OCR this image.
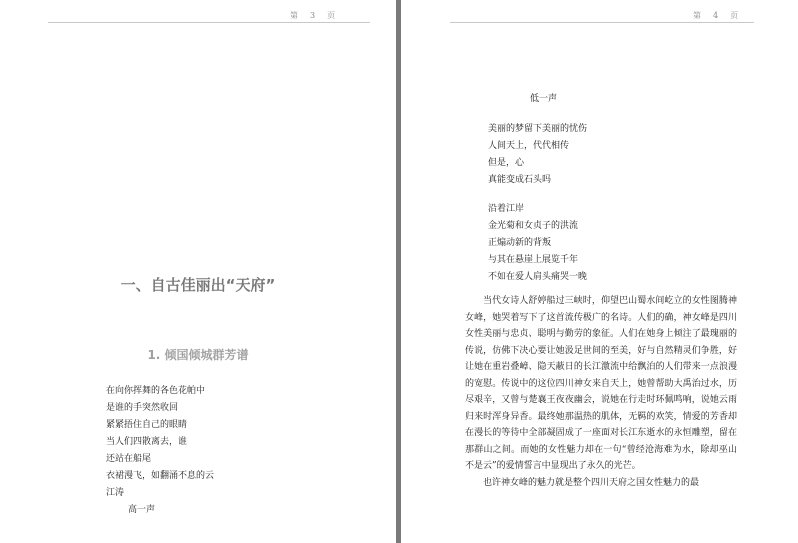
第　3　页
一、自古佳丽出“天府”
1. 倾国倾城群芳谱
在向你挥舞的各色花帕中
是谁的手突然收回
紧紧捂住自己的眼睛
当人们四散离去，谁
还站在船尾
衣裙漫飞，如翻涌不息的云
江涛
高一声
第　4　页
低一声
美丽的梦留下美丽的忧伤
人间天上，代代相传
但是，心
真能变成石头吗
沿着江岸
金光菊和女贞子的洪流
正煽动新的背叛
与其在悬崖上展览千年
不如在爱人肩头痛哭一晚

当代女诗人舒婷船过三峡时，仰望巴山蜀水间屹立的女性图腾神女峰，她哭着写下了这首流传极广的名诗。人们的确，神女峰是四川女性美丽与忠贞、聪明与勤劳的象征。人们在她身上倾注了最瑰丽的传说，仿佛下决心要让她汲足世间的至美，好与自然精灵们争胜，好让她在重岩叠嶂、隐天蔽日的长江激流中给飘泊的人们带来一点浪漫的宽慰。传说中的这位四川神女来自天上，她曾帮助大禹治过水，历尽艰辛，又曾与楚襄王夜夜幽会，说她在行走时环佩鸣响，说她云雨归来时浑身异香。最终她那温热的肌体，无羁的欢笑，情爱的芳香却在漫长的等待中全部凝固成了一座面对长江东逝水的永恒雕塑，留在那群山之间。而她的女性魅力却在一句“曾经沧海难为水，除却巫山不是云”的爱情誓言中显现出了永久的光芒。

也许神女峰的魅力就是整个四川天府之国女性魅力的最
